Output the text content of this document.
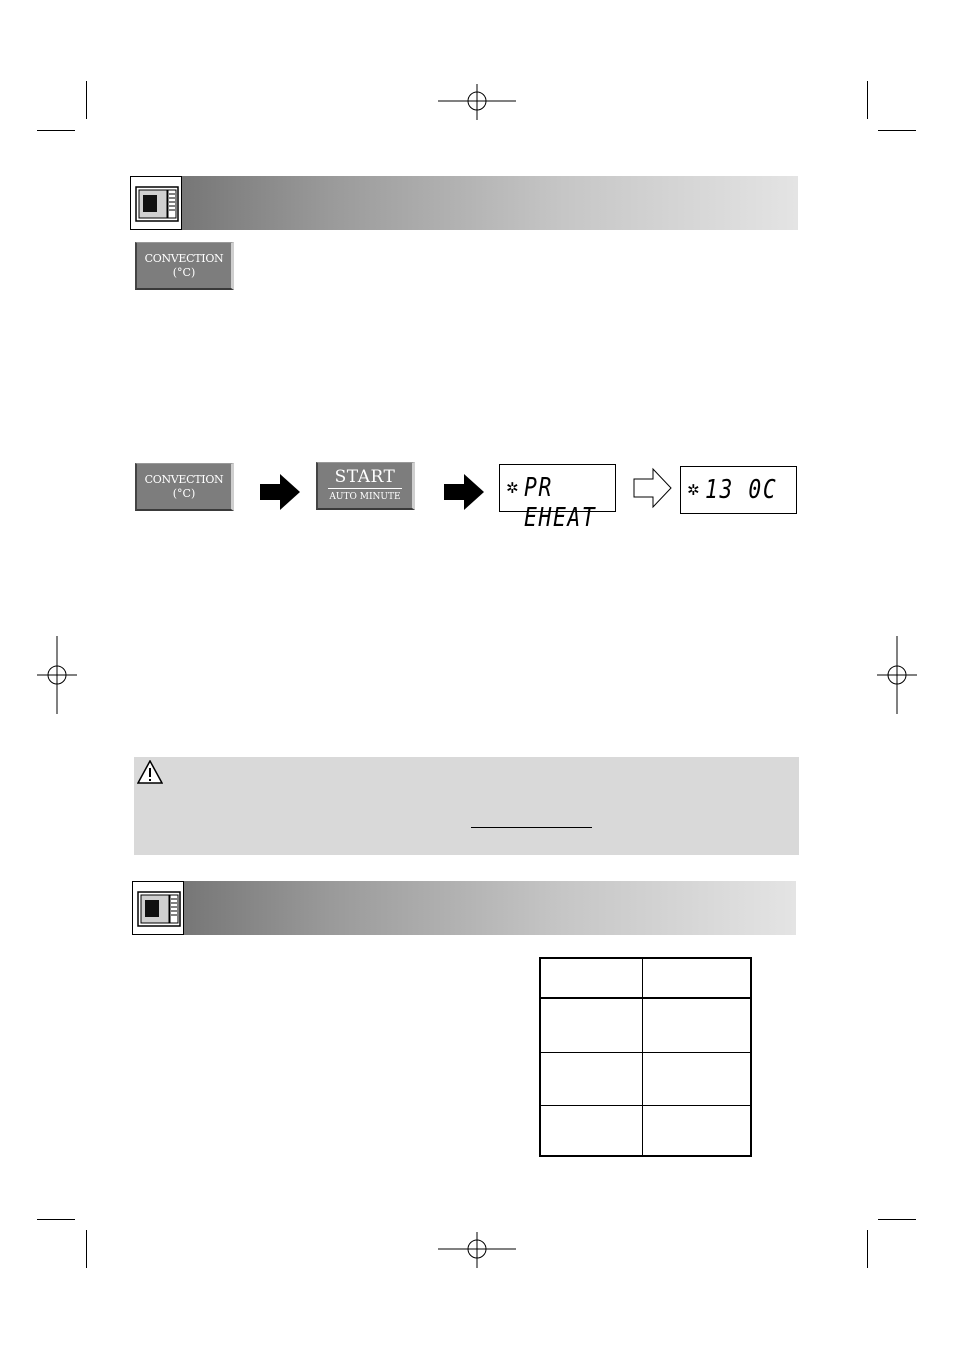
CONVECTION
(°C)
CONVECTION
(°C)
START
AUTO MINUTE	✲ PR EHEAT
✲ 13 0C
